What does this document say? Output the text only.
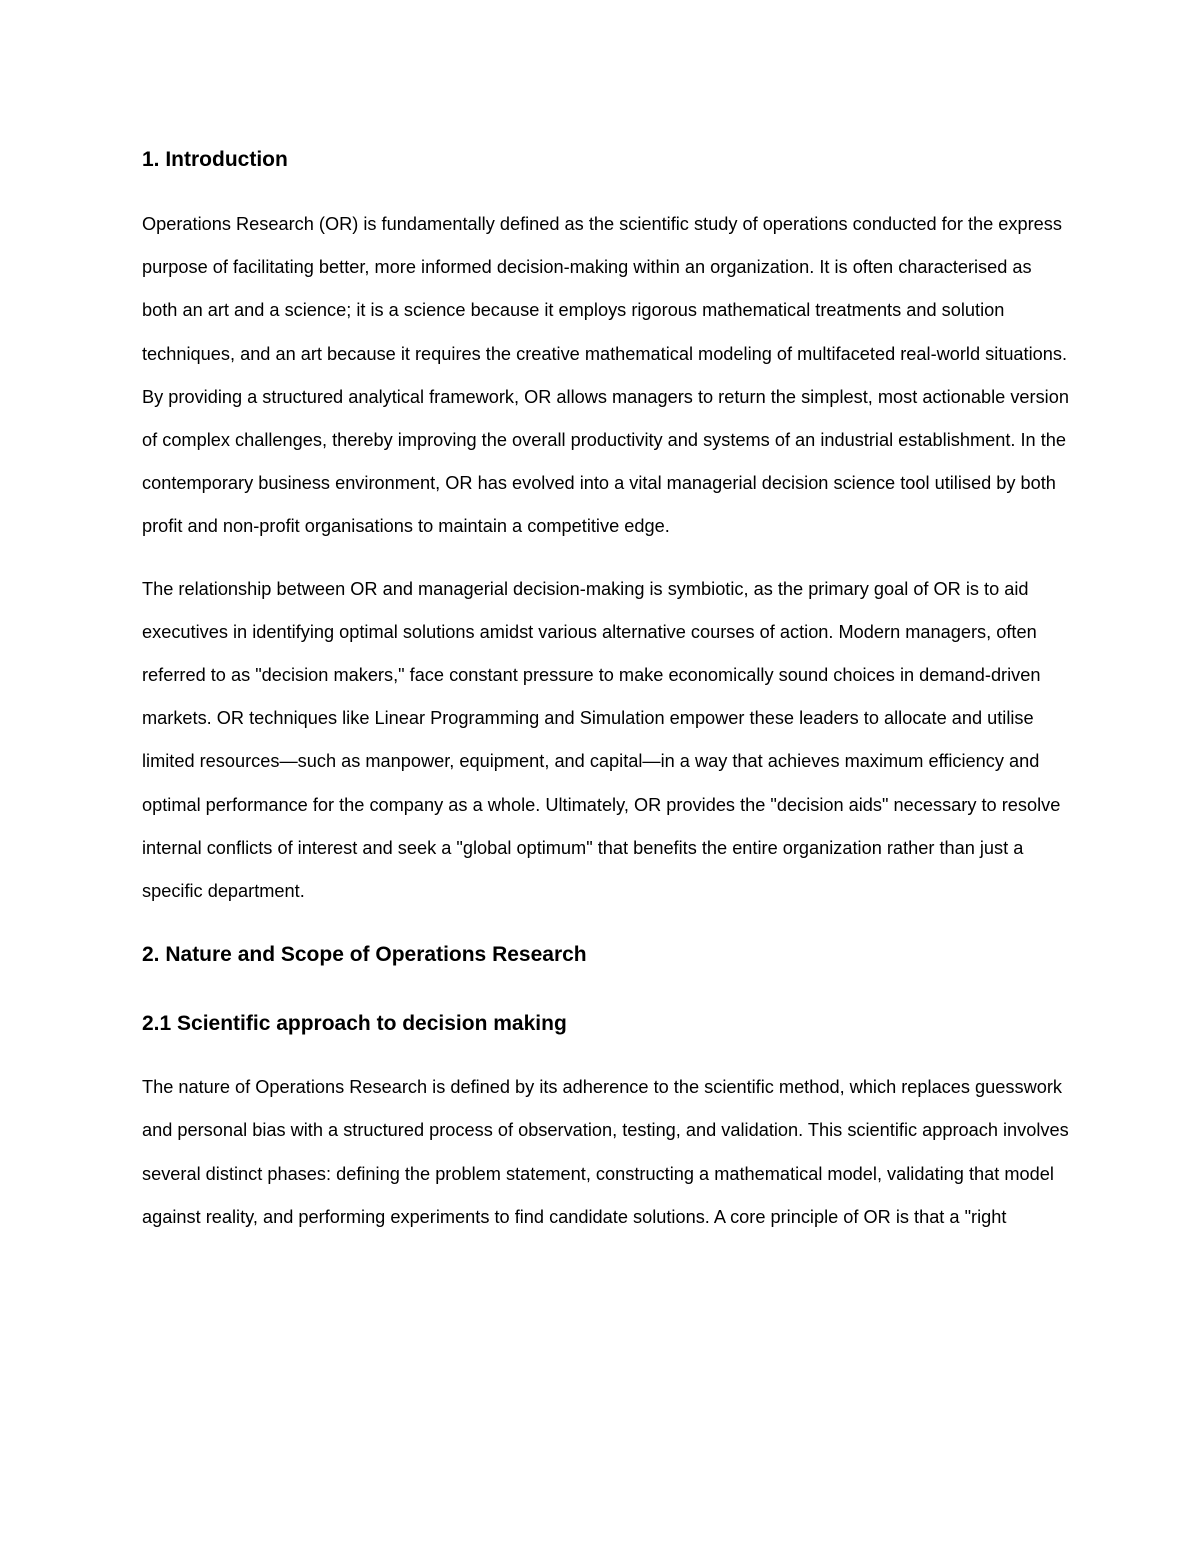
1. Introduction

Operations Research (OR) is fundamentally defined as the scientific study of operations conducted for the express purpose of facilitating better, more informed decision-making within an organization. It is often characterised as both an art and a science; it is a science because it employs rigorous mathematical treatments and solution techniques, and an art because it requires the creative mathematical modeling of multifaceted real-world situations. By providing a structured analytical framework, OR allows managers to return the simplest, most actionable version of complex challenges, thereby improving the overall productivity and systems of an industrial establishment. In the contemporary business environment, OR has evolved into a vital managerial decision science tool utilised by both profit and non-profit organisations to maintain a competitive edge.

The relationship between OR and managerial decision-making is symbiotic, as the primary goal of OR is to aid executives in identifying optimal solutions amidst various alternative courses of action. Modern managers, often referred to as "decision makers," face constant pressure to make economically sound choices in demand-driven markets. OR techniques like Linear Programming and Simulation empower these leaders to allocate and utilise limited resources—such as manpower, equipment, and capital—in a way that achieves maximum efficiency and optimal performance for the company as a whole. Ultimately, OR provides the "decision aids" necessary to resolve internal conflicts of interest and seek a "global optimum" that benefits the entire organization rather than just a specific department.

2. Nature and Scope of Operations Research
2.1 Scientific approach to decision making

The nature of Operations Research is defined by its adherence to the scientific method, which replaces guesswork and personal bias with a structured process of observation, testing, and validation. This scientific approach involves several distinct phases: defining the problem statement, constructing a mathematical model, validating that model against reality, and performing experiments to find candidate solutions. A core principle of OR is that a "right
